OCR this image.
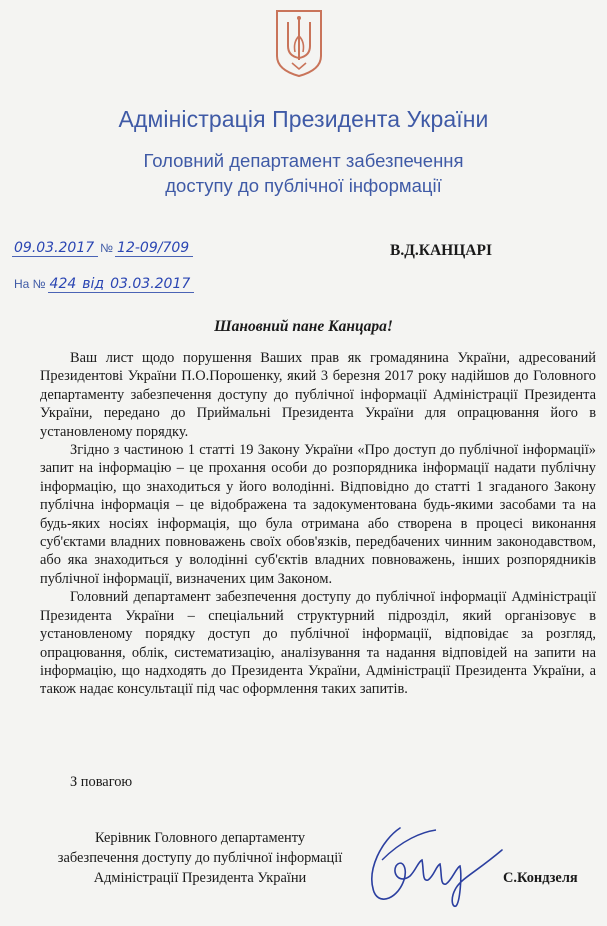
Адміністрація Президента України
Головний департамент забезпечення
доступу до публічної інформації
09.03.2017 № 12-09/709
На № 424 від 03.03.2017
В.Д.КАНЦАРІ
Шановний пане Канцара!

Ваш лист щодо порушення Ваших прав як громадянина України, адресований Президентові України П.О.Порошенку, який 3 березня 2017 року надійшов до Головного департаменту забезпечення доступу до публічної інформації Адміністрації Президента України, передано до Приймальні Президента України для опрацювання його в установленому порядку.

Згідно з частиною 1 статті 19 Закону України «Про доступ до публічної інформації» запит на інформацію – це прохання особи до розпорядника інформації надати публічну інформацію, що знаходиться у його володінні. Відповідно до статті 1 згаданого Закону публічна інформація – це відображена та задокументована будь-якими засобами та на будь-яких носіях інформація, що була отримана або створена в процесі виконання суб'єктами владних повноважень своїх обов'язків, передбачених чинним законодавством, або яка знаходиться у володінні суб'єктів владних повноважень, інших розпорядників публічної інформації, визначених цим Законом.

Головний департамент забезпечення доступу до публічної інформації Адміністрації Президента України – спеціальний структурний підрозділ, який організовує в установленому порядку доступ до публічної інформації, відповідає за розгляд, опрацювання, облік, систематизацію, аналізування та надання відповідей на запити на інформацію, що надходять до Президента України, Адміністрації Президента України, а також надає консультації під час оформлення таких запитів.

З повагою
Керівник Головного департаменту
забезпечення доступу до публічної інформації
Адміністрації Президента України	С.Кондзеля
